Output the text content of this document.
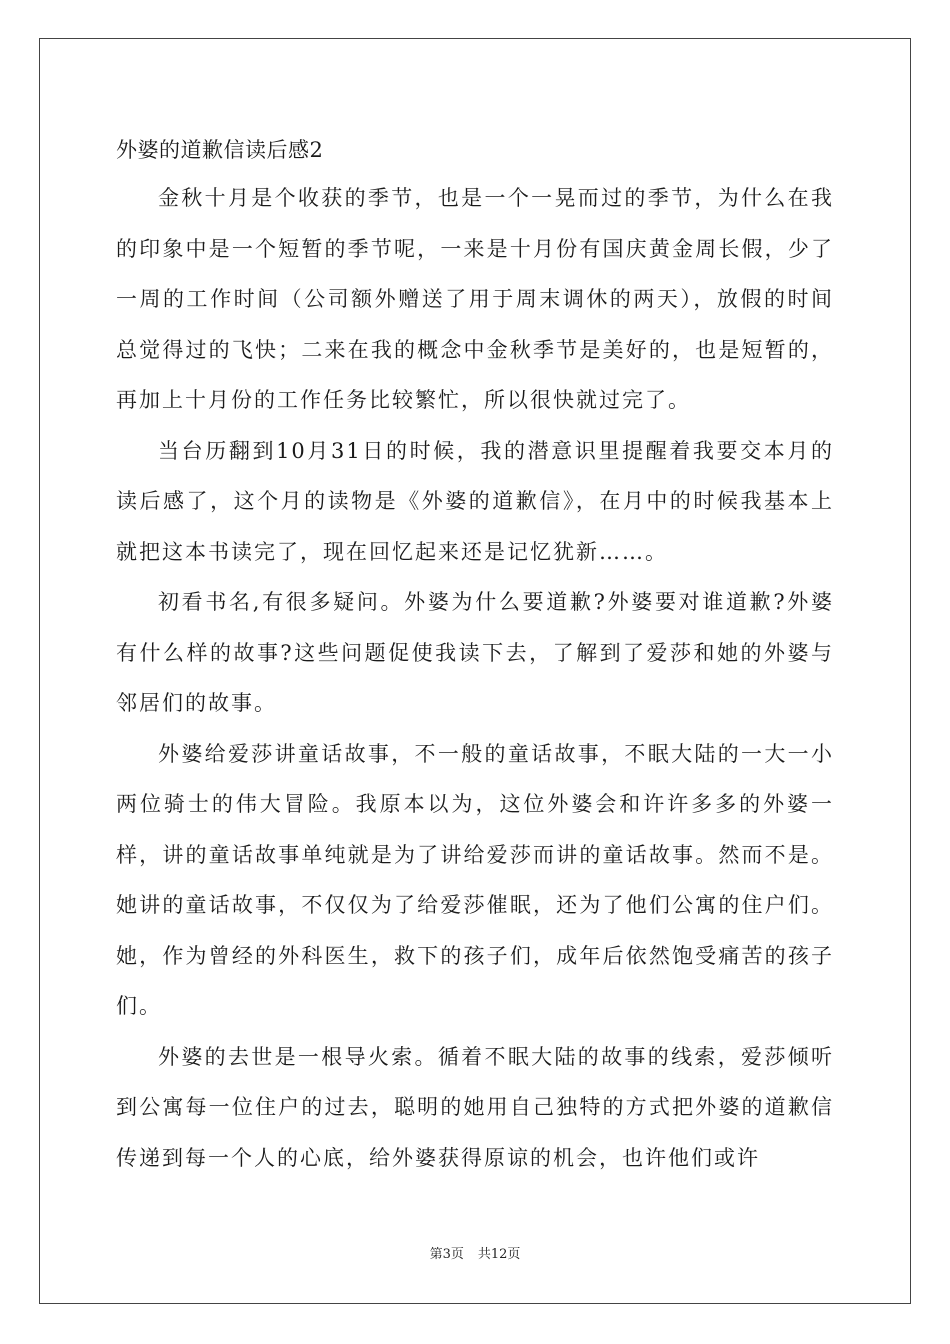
外婆的道歉信读后感2

金秋十月是个收获的季节，也是一个一晃而过的季节，为什么在我的印象中是一个短暂的季节呢，一来是十月份有国庆黄金周长假，少了一周的工作时间（公司额外赠送了用于周末调休的两天），放假的时间总觉得过的飞快；二来在我的概念中金秋季节是美好的，也是短暂的，再加上十月份的工作任务比较繁忙，所以很快就过完了。

当台历翻到10月31日的时候，我的潜意识里提醒着我要交本月的读后感了，这个月的读物是《外婆的道歉信》，在月中的时候我基本上就把这本书读完了，现在回忆起来还是记忆犹新……。

初看书名,有很多疑问。外婆为什么要道歉?外婆要对谁道歉?外婆有什么样的故事?这些问题促使我读下去，了解到了爱莎和她的外婆与邻居们的故事。

外婆给爱莎讲童话故事，不一般的童话故事，不眠大陆的一大一小两位骑士的伟大冒险。我原本以为，这位外婆会和许许多多的外婆一样，讲的童话故事单纯就是为了讲给爱莎而讲的童话故事。然而不是。她讲的童话故事，不仅仅为了给爱莎催眠，还为了他们公寓的住户们。她，作为曾经的外科医生，救下的孩子们，成年后依然饱受痛苦的孩子们。

外婆的去世是一根导火索。循着不眠大陆的故事的线索，爱莎倾听到公寓每一位住户的过去，聪明的她用自己独特的方式把外婆的道歉信传递到每一个人的心底，给外婆获得原谅的机会，也许他们或许

第3页 共12页
